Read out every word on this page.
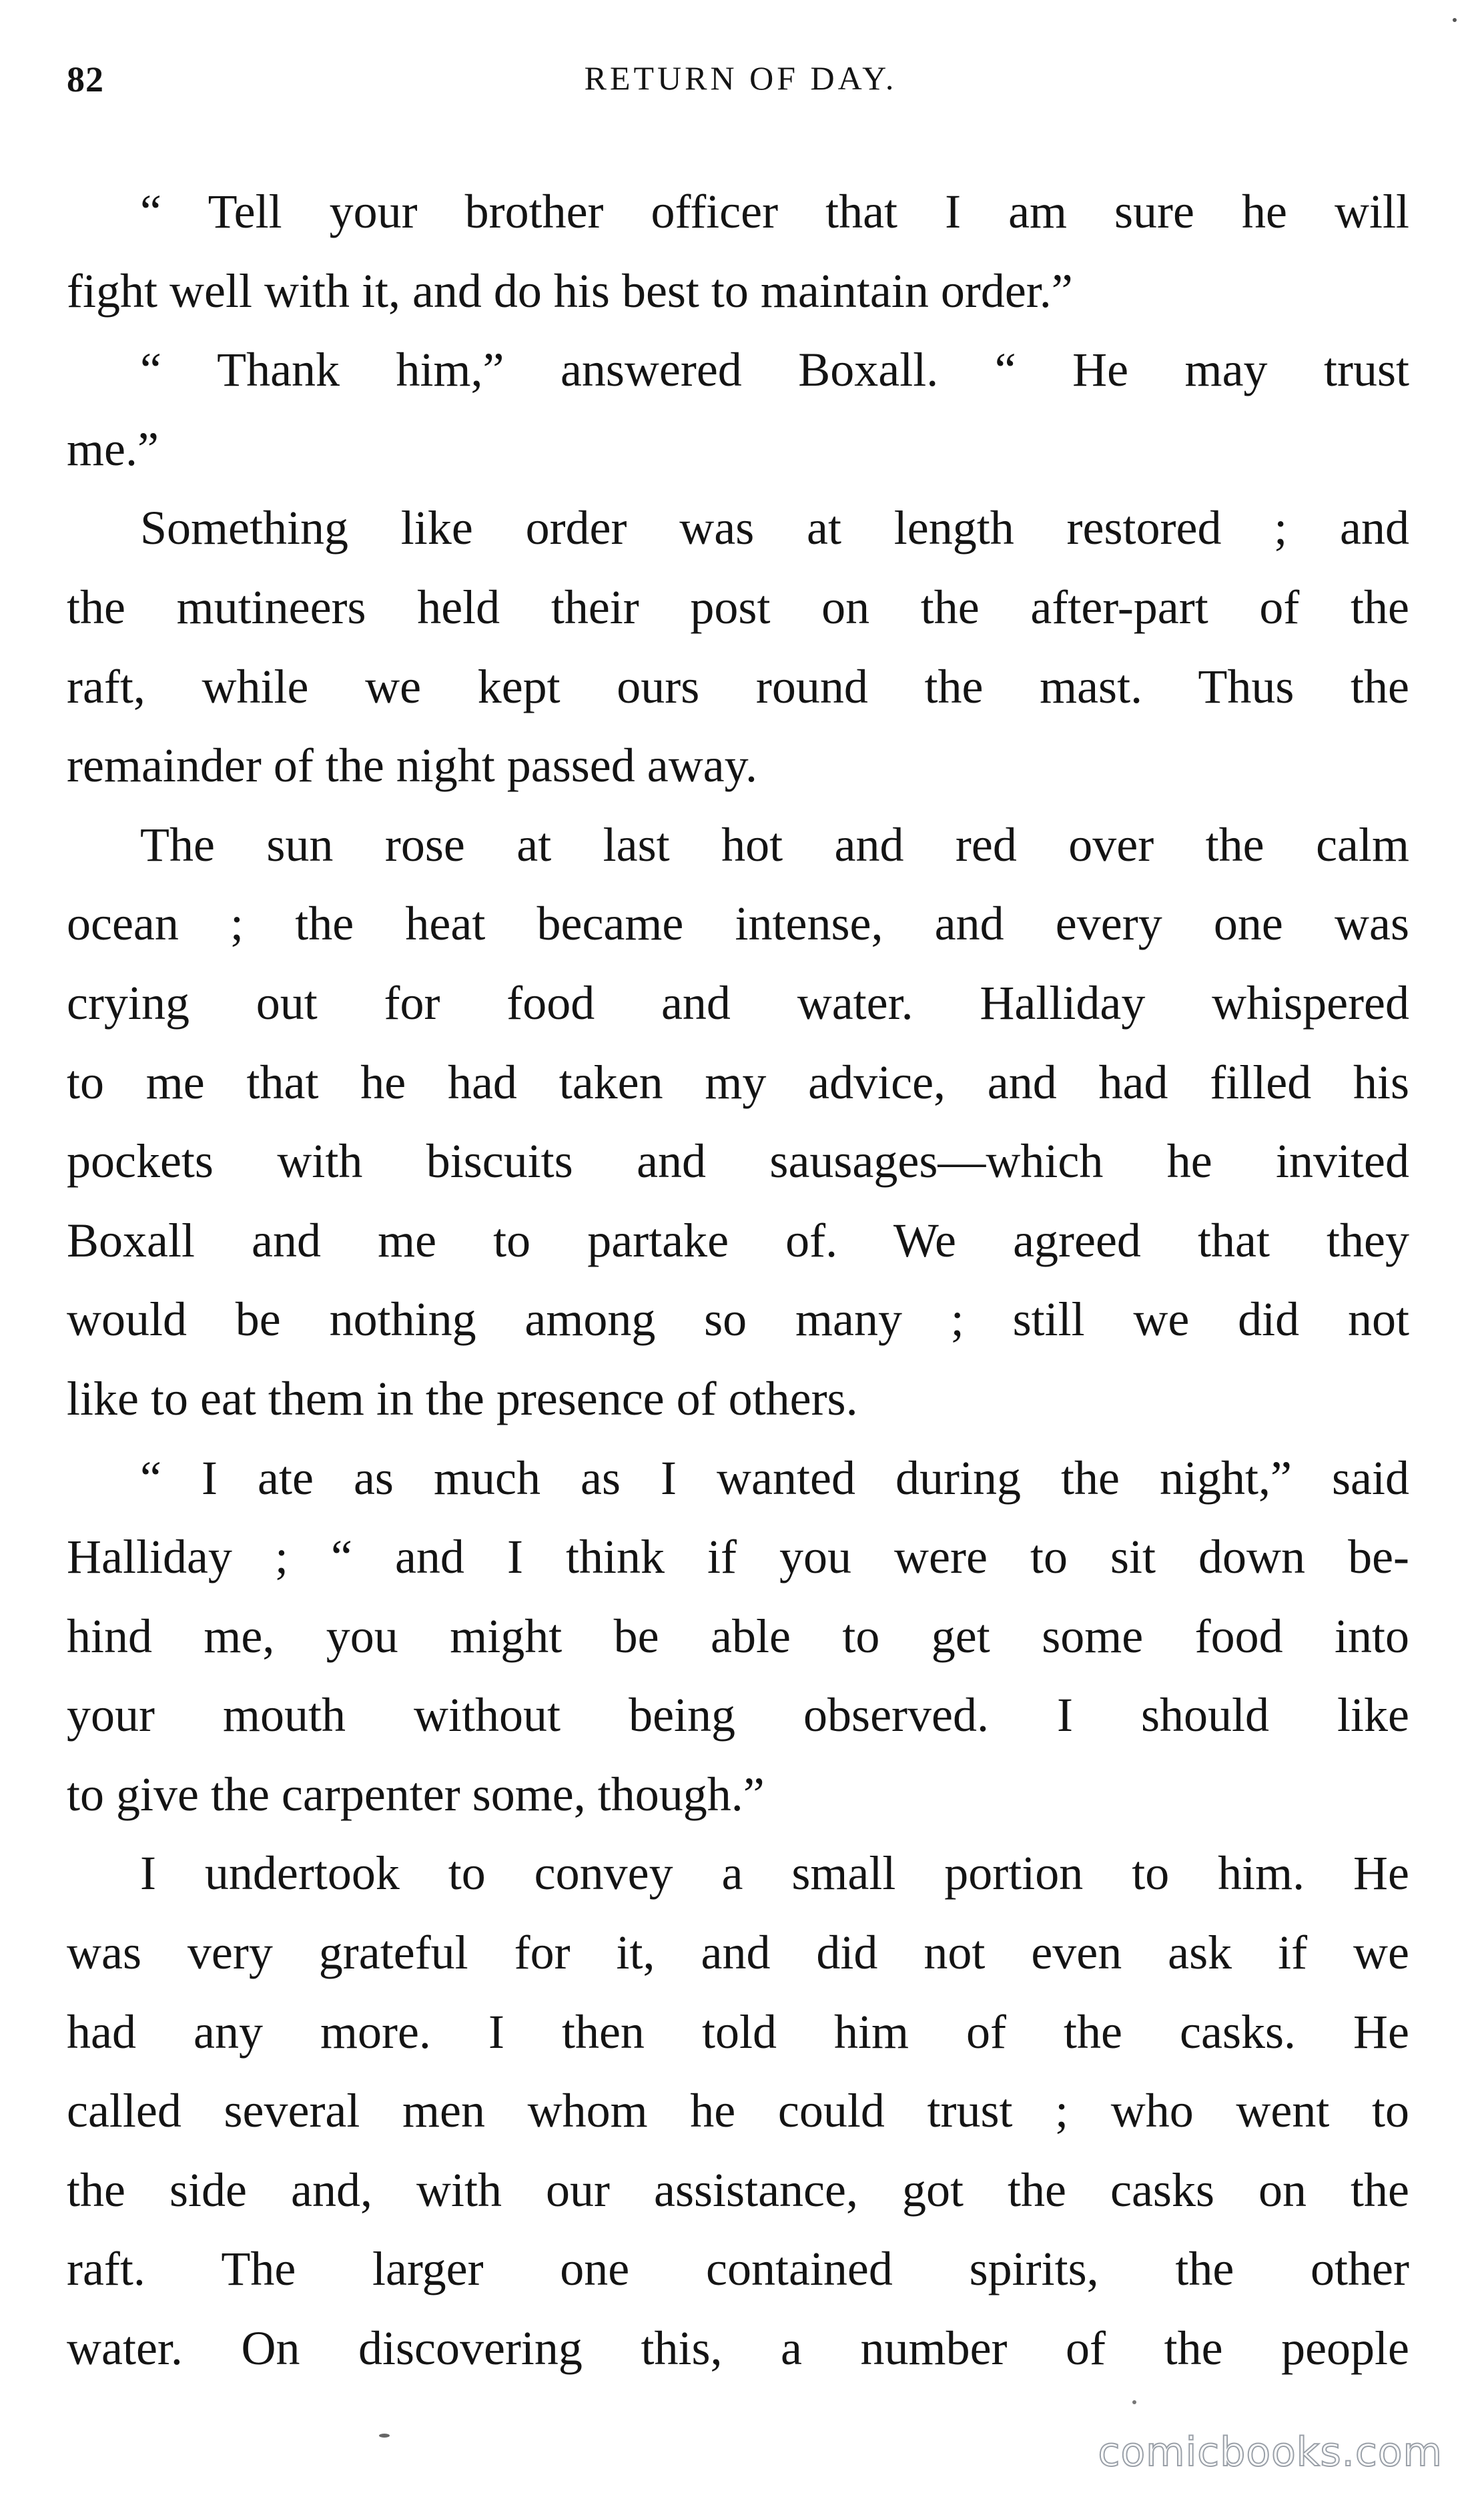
82	RETURN OF DAY.
“ Tell your brother officer that I am sure he will
fight well with it, and do his best to maintain order.”
“ Thank him,” answered Boxall. “ He may trust
me.”
Something like order was at length restored ; and
the mutineers held their post on the after-part of the
raft, while we kept ours round the mast. Thus the
remainder of the night passed away.
The sun rose at last hot and red over the calm
ocean ; the heat became intense, and every one was
crying out for food and water. Halliday whispered
to me that he had taken my advice, and had filled his
pockets with biscuits and sausages—which he invited
Boxall and me to partake of. We agreed that they
would be nothing among so many ; still we did not
like to eat them in the presence of others.
“ I ate as much as I wanted during the night,” said
Halliday ; “ and I think if you were to sit down be-
hind me, you might be able to get some food into
your mouth without being observed. I should like
to give the carpenter some, though.”
I undertook to convey a small portion to him. He
was very grateful for it, and did not even ask if we
had any more. I then told him of the casks. He
called several men whom he could trust ; who went to
the side and, with our assistance, got the casks on the
raft. The larger one contained spirits, the other
water. On discovering this, a number of the people
comicbooks.com
